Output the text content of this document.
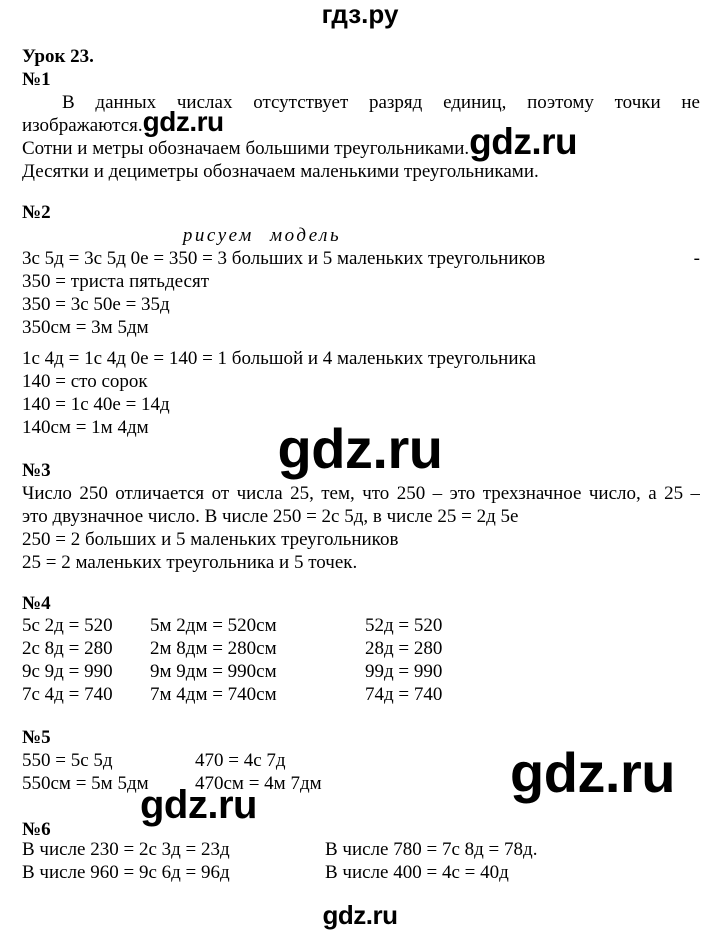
гдз.ру
Урок 23.
№1
В данных числах отсутствует разряд единиц, поэтому точки не
изображаются.gdz.ru
Сотни и метры обозначаем большими треугольниками.gdz.ru
Десятки и дециметры обозначаем маленькими треугольниками.
№2
рисуем модель
3с 5д = 3с 5д 0е = 350 = 3 больших и 5 маленьких треугольников	-
350 = триста пятьдесят
350 = 3с 50е = 35д
350см = 3м 5дм
1с 4д = 1с 4д 0е = 140 = 1 большой и 4 маленьких треугольника
140 = сто сорок
140 = 1с 40е = 14д
140см = 1м 4дм	gdz.ru
№3
Число 250 отличается от числа 25, тем, что 250 – это трехзначное число, а 25 –
это двузначное число. В числе 250 = 2с 5д, в числе 25 = 2д 5е
250 = 2 больших и 5 маленьких треугольников
25 = 2 маленьких треугольника и 5 точек.
№4
5с 2д = 520	5м 2дм = 520см	52д = 520
2с 8д = 280	2м 8дм = 280см	28д = 280
9с 9д = 990	9м 9дм = 990см	99д = 990
7с 4д = 740	7м 4дм = 740см	74д = 740
№5
550 = 5с 5д	470 = 4с 7д
550см = 5м 5дм	470см = 4м 7дм
gdz.ru
gdz.ru
№6
В числе 230 = 2с 3д = 23д	В числе 780 = 7с 8д = 78д.
В числе 960 = 9с 6д = 96д	В числе 400 = 4с = 40д
gdz.ru
